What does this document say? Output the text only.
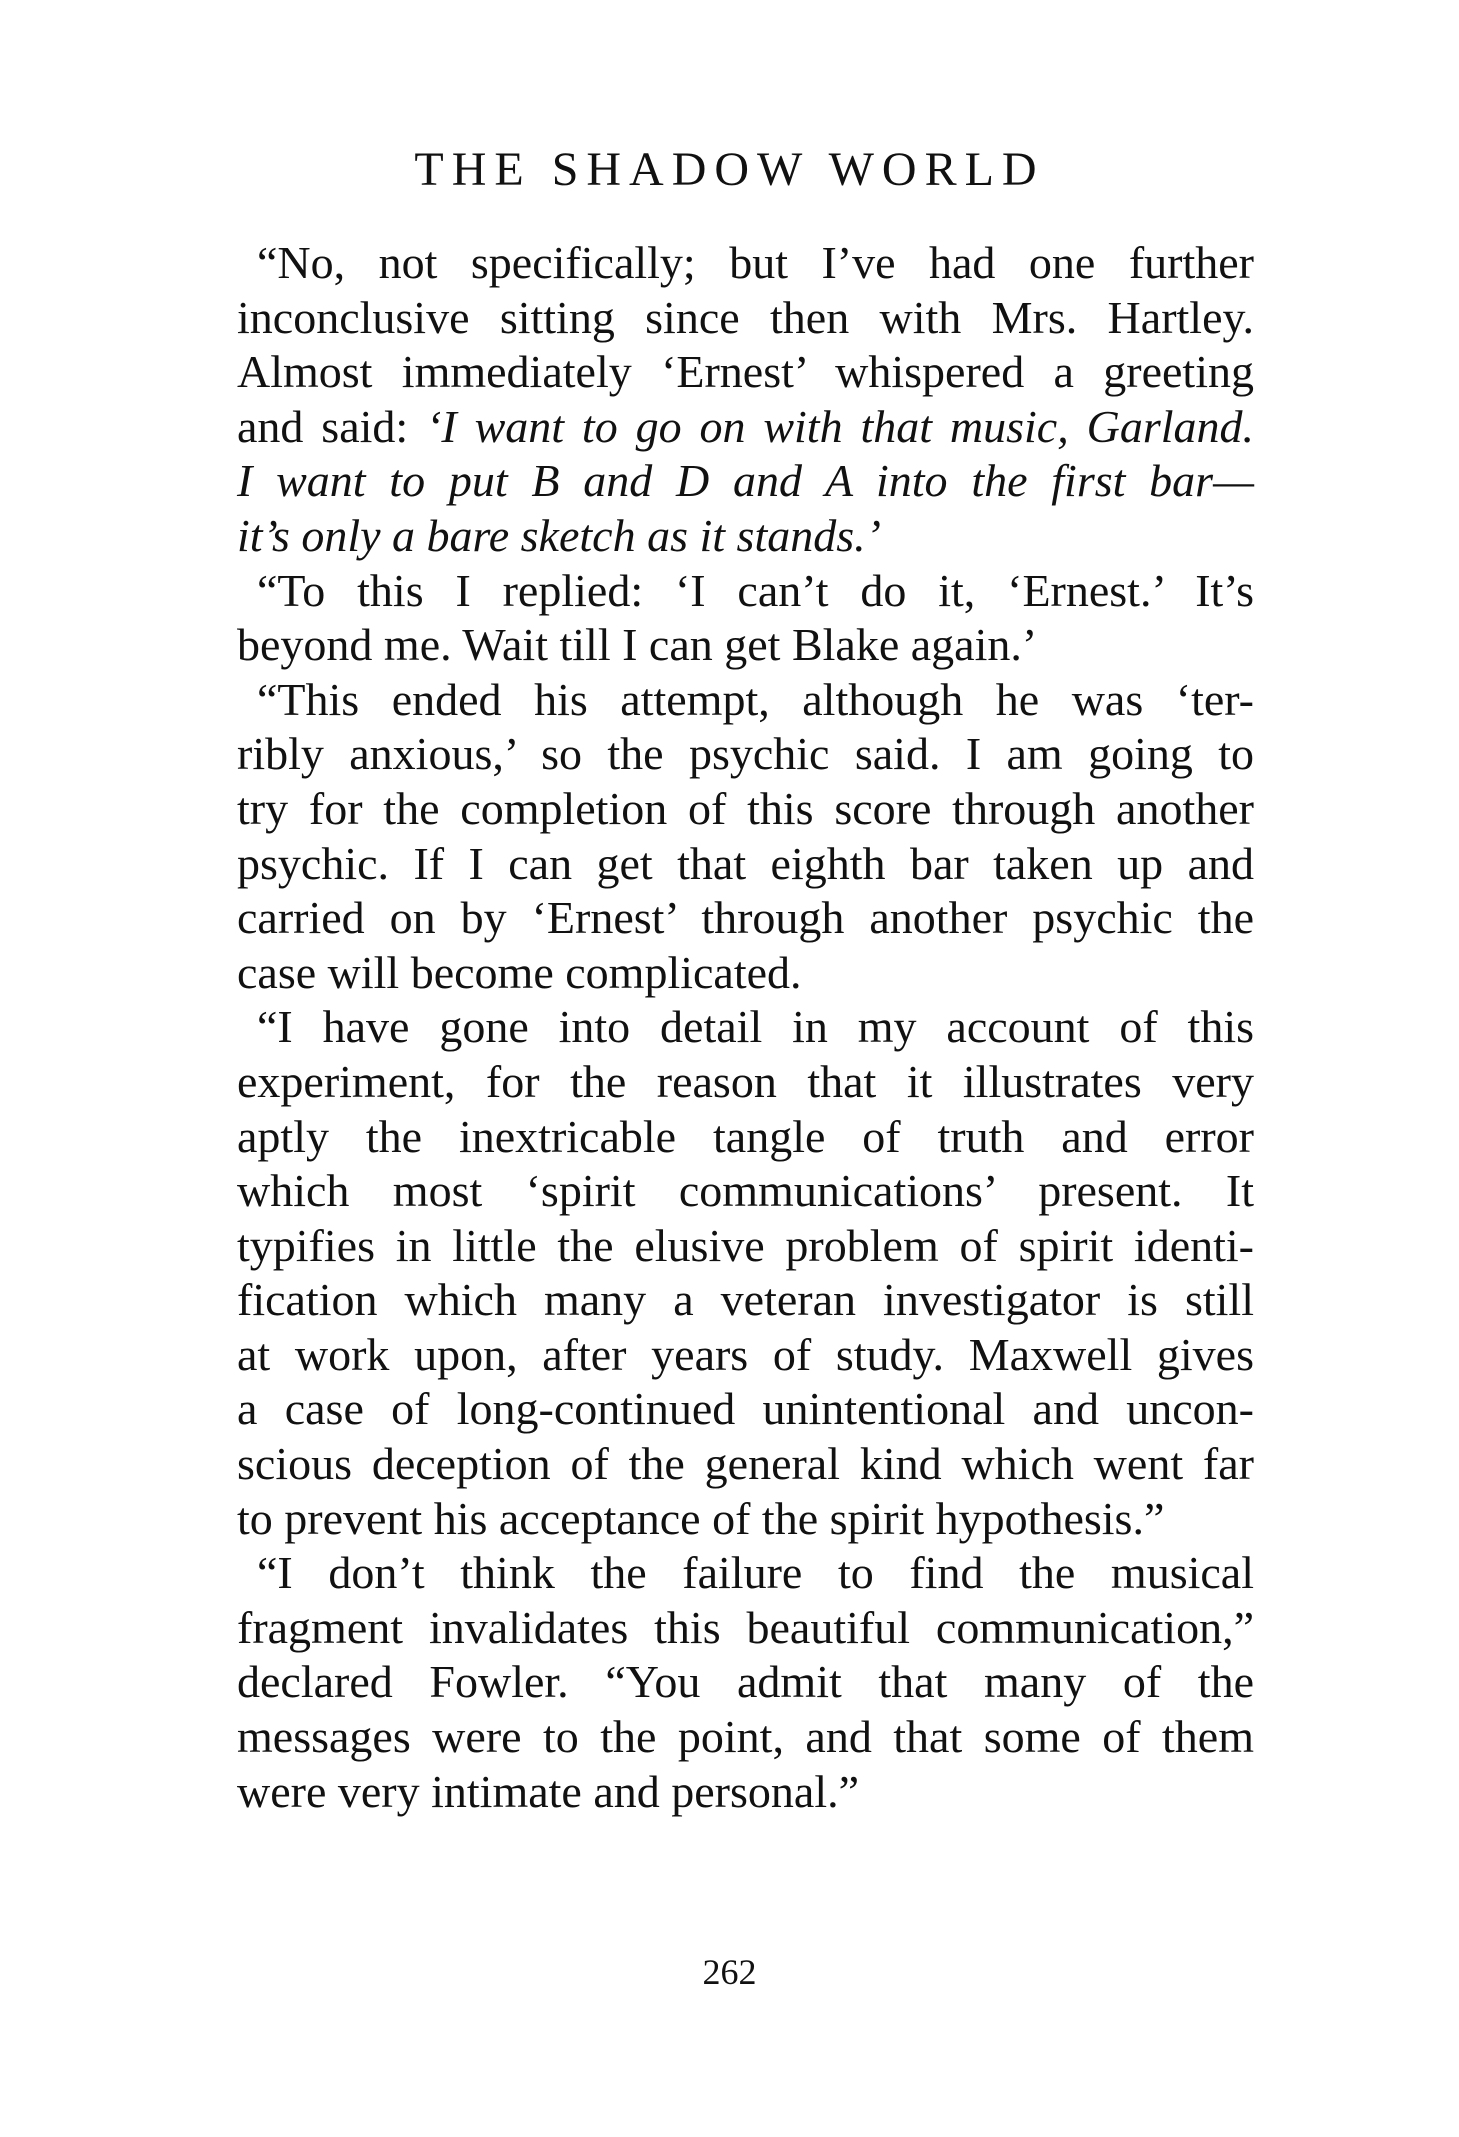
THE SHADOW WORLD
“No, not specifically; but I’ve had one further
inconclusive sitting since then with Mrs. Hartley.
Almost immediately ‘Ernest’ whispered a greeting
and said: ‘I want to go on with that music, Garland.
I want to put B and D and A into the first bar—
it’s only a bare sketch as it stands.’
“To this I replied: ‘I can’t do it, ‘Ernest.’ It’s
beyond me. Wait till I can get Blake again.’
“This ended his attempt, although he was ‘ter-
ribly anxious,’ so the psychic said. I am going to
try for the completion of this score through another
psychic. If I can get that eighth bar taken up and
carried on by ‘Ernest’ through another psychic the
case will become complicated.
“I have gone into detail in my account of this
experiment, for the reason that it illustrates very
aptly the inextricable tangle of truth and error
which most ‘spirit communications’ present. It
typifies in little the elusive problem of spirit identi-
fication which many a veteran investigator is still
at work upon, after years of study. Maxwell gives
a case of long-continued unintentional and uncon-
scious deception of the general kind which went far
to prevent his acceptance of the spirit hypothesis.”
“I don’t think the failure to find the musical
fragment invalidates this beautiful communication,”
declared Fowler. “You admit that many of the
messages were to the point, and that some of them
were very intimate and personal.”
262
